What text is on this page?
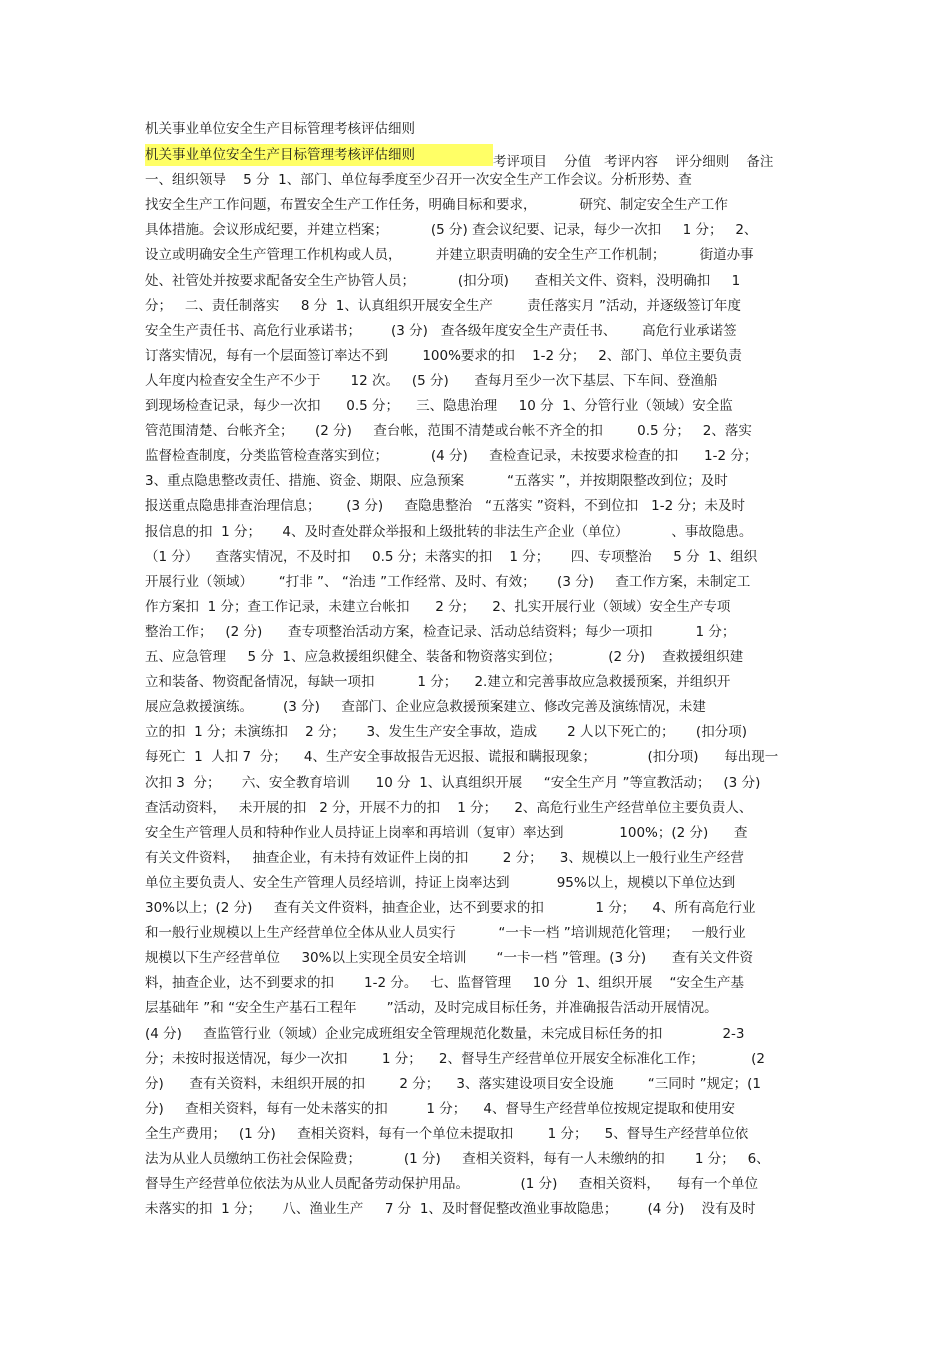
机关事业单位安全生产目标管理考核评估细则
机关事业单位安全生产目标管理考核评估细则	考评项目    分值   考评内容    评分细则    备注
一、组织领导    5 分  1、部门、单位每季度至少召开一次安全生产工作会议。分析形势、查
找安全生产工作问题，布置安全生产工作任务，明确目标和要求，          研究、制定安全生产工作
具体措施。会议形成纪要，并建立档案；          (5 分) 查会议纪要、记录，每少一次扣     1 分；   2、
设立或明确安全生产管理工作机构或人员，        并建立职责明确的安全生产工作机制；        街道办事
处、社管处并按要求配备安全生产协管人员；          (扣分项)      查相关文件、资料，没明确扣     1
分；   二、责任制落实     8 分  1、认真组织开展安全生产        责任落实月 ”活动，并逐级签订年度
安全生产责任书、高危行业承诺书；       (3 分)   查各级年度安全生产责任书、      高危行业承诺签
订落实情况，每有一个层面签订率达不到        100%要求的扣    1-2 分；   2、部门、单位主要负责
人年度内检查安全生产不少于       12 次。   (5 分)      查每月至少一次下基层、下车间、登渔船
到现场检查记录，每少一次扣      0.5 分；    三、隐患治理     10 分  1、分管行业（领域）安全监
管范围清楚、台帐齐全；     (2 分)     查台帐，范围不清楚或台帐不齐全的扣        0.5 分；   2、落实
监督检查制度，分类监管检查落实到位；          (4 分)     查检查记录，未按要求检查的扣      1-2 分；
3、重点隐患整改责任、措施、资金、期限、应急预案          “五落实 ”，并按期限整改到位；及时
报送重点隐患排查治理信息；      (3 分)     查隐患整治   “五落实 ”资料，不到位扣   1-2 分；未及时
报信息的扣  1 分；     4、及时查处群众举报和上级批转的非法生产企业（单位）          、事故隐患。
（1 分）    查落实情况，不及时扣     0.5 分；未落实的扣    1 分；     四、专项整治     5 分  1、组织
开展行业（领域）      “打非 ”、 “治违 ”工作经常、及时、有效；     (3 分)     查工作方案，未制定工
作方案扣  1 分；查工作记录，未建立台帐扣      2 分；    2、扎实开展行业（领域）安全生产专项
整治工作；   (2 分)      查专项整治活动方案，检查记录、活动总结资料；每少一项扣          1 分；
五、应急管理     5 分  1、应急救援组织健全、装备和物资落实到位；           (2 分)    查救援组织建
立和装备、物资配备情况，每缺一项扣          1 分；    2.建立和完善事故应急救援预案，并组织开
展应急救援演练。       (3 分)     查部门、企业应急救援预案建立、修改完善及演练情况，未建
立的扣  1 分；未演练扣    2 分；     3、发生生产安全事故，造成       2 人以下死亡的；     (扣分项)
每死亡  1  人扣 7  分；    4、生产安全事故报告无迟报、谎报和瞒报现象；            (扣分项)      每出现一
次扣 3  分；     六、安全教育培训      10 分  1、认真组织开展     “安全生产月 ”等宣教活动；   (3 分)
查活动资料，   未开展的扣   2 分，开展不力的扣    1 分；    2、高危行业生产经营单位主要负责人、
安全生产管理人员和特种作业人员持证上岗率和再培训（复审）率达到             100%；(2 分)      查
有关文件资料，   抽查企业，有未持有效证件上岗的扣        2 分；    3、规模以上一般行业生产经营
单位主要负责人、安全生产管理人员经培训，持证上岗率达到           95%以上，规模以下单位达到
30%以上；(2 分)     查有关文件资料，抽查企业，达不到要求的扣            1 分；    4、所有高危行业
和一般行业规模以上生产经营单位全体从业人员实行          “一卡一档 ”培训规范化管理；   一般行业
规模以下生产经营单位     30%以上实现全员安全培训       “一卡一档 ”管理。(3 分)      查有关文件资
料，抽查企业，达不到要求的扣       1-2 分。   七、监督管理     10 分  1、组织开展    “安全生产基
层基础年 ”和 “安全生产基石工程年       ”活动，及时完成目标任务，并准确报告活动开展情况。
(4 分)     查监管行业（领域）企业完成班组安全管理规范化数量，未完成目标任务的扣              2-3
分；未按时报送情况，每少一次扣        1 分；    2、督导生产经营单位开展安全标准化工作；           (2
分)      查有关资料，未组织开展的扣        2 分；    3、落实建设项目安全设施        “三同时 ”规定；(1
分)     查相关资料，每有一处未落实的扣         1 分；    4、督导生产经营单位按规定提取和使用安
全生产费用；   (1 分)     查相关资料，每有一个单位未提取扣        1 分；    5、督导生产经营单位依
法为从业人员缴纳工伤社会保险费；          (1 分)     查相关资料，每有一人未缴纳的扣       1 分；   6、
督导生产经营单位依法为从业人员配备劳动保护用品。            (1 分)     查相关资料，    每有一个单位
未落实的扣  1 分；     八、渔业生产     7 分  1、及时督促整改渔业事故隐患；       (4 分)    没有及时
